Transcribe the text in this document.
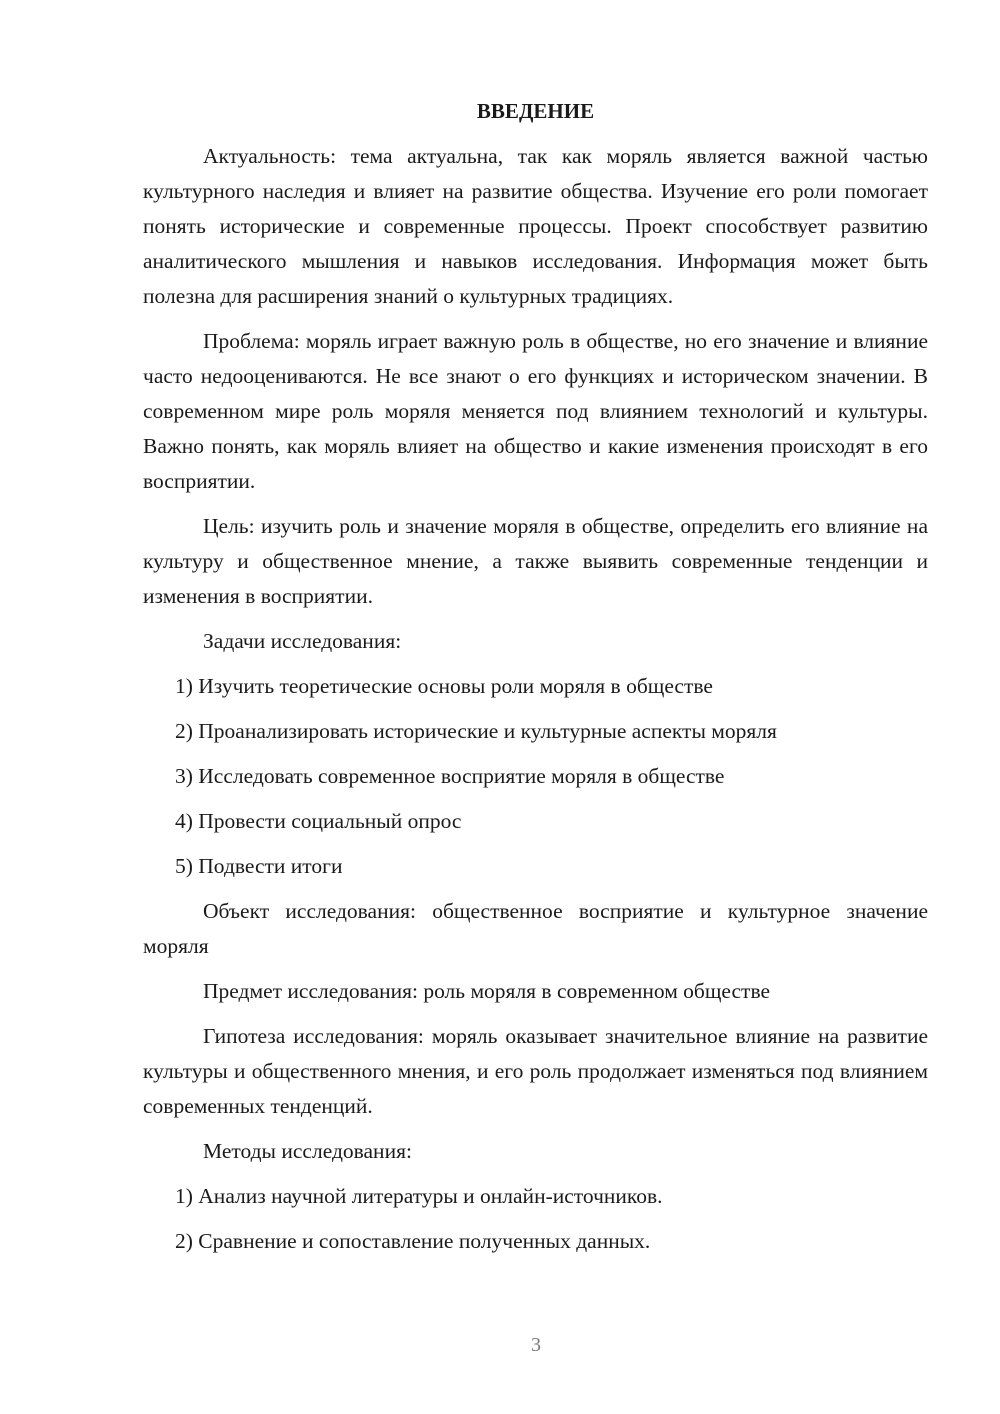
ВВЕДЕНИЕ

Актуальность: тема актуальна, так как моряль является важной частью культурного наследия и влияет на развитие общества. Изучение его роли помогает понять исторические и современные процессы. Проект способствует развитию аналитического мышления и навыков исследования. Информация может быть полезна для расширения знаний о культурных традициях.

Проблема: моряль играет важную роль в обществе, но его значение и влияние часто недооцениваются. Не все знают о его функциях и историческом значении. В современном мире роль моряля меняется под влиянием технологий и культуры. Важно понять, как моряль влияет на общество и какие изменения происходят в его восприятии.

Цель: изучить роль и значение моряля в обществе, определить его влияние на культуру и общественное мнение, а также выявить современные тенденции и изменения в восприятии.

Задачи исследования:

1) Изучить теоретические основы роли моряля в обществе
2) Проанализировать исторические и культурные аспекты моряля
3) Исследовать современное восприятие моряля в обществе
4) Провести социальный опрос
5) Подвести итоги

Объект исследования: общественное восприятие и культурное значение моряля

Предмет исследования: роль моряля в современном обществе

Гипотеза исследования: моряль оказывает значительное влияние на развитие культуры и общественного мнения, и его роль продолжает изменяться под влиянием современных тенденций.

Методы исследования:

1) Анализ научной литературы и онлайн-источников.
2) Сравнение и сопоставление полученных данных.
3
